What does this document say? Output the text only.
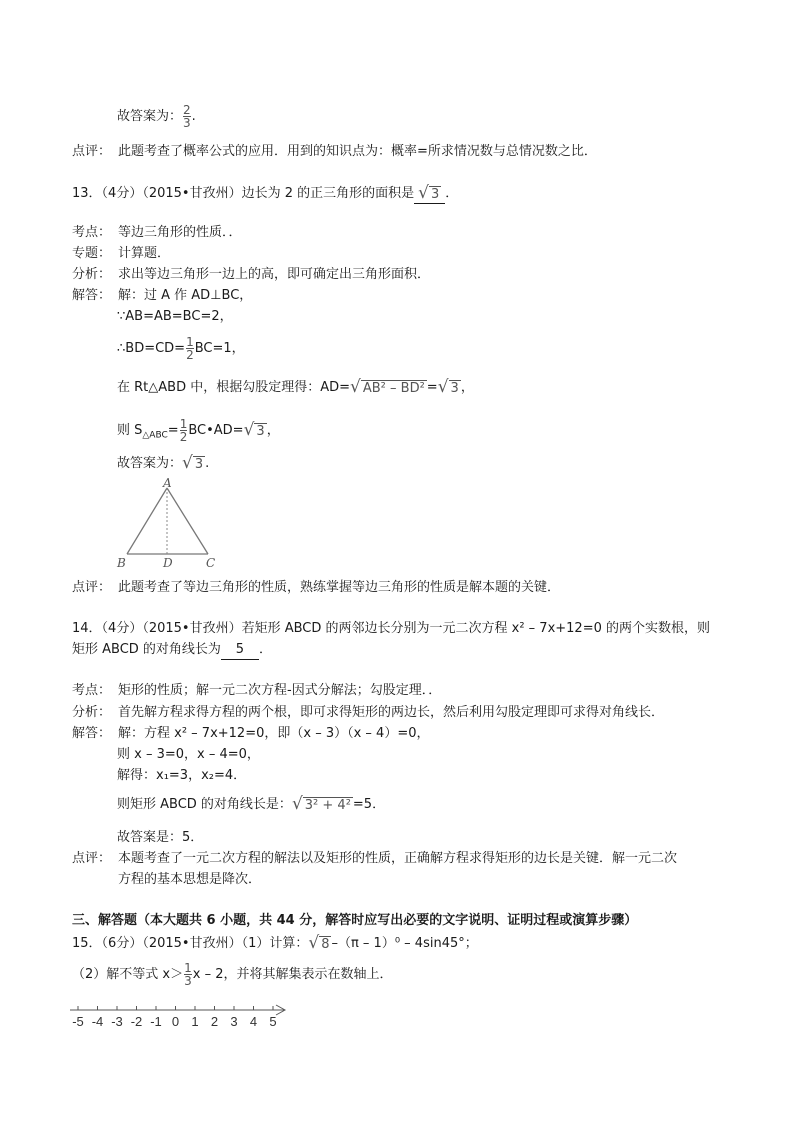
故答案为： $\frac{2}{3}$ .
点评： 此题考查了概率公式的应用．用到的知识点为：概率=所求情况数与总情况数之比．
13．（4分）（2015•甘孜州）边长为 2 的正三角形的面积是 √ 3 ．
考点： 等边三角形的性质．．
专题： 计算题．
分析： 求出等边三角形一边上的高，即可确定出三角形面积．
解答： 解：过 A 作 AD⊥BC，
∵AB=AB=BC=2，
∴BD=CD= $\frac{1}{2} BC=1$，
在 Rt△ABD 中，根据勾股定理得：AD= √ AB² – BD² = √ 3 ，
则 $S_{\triangle ABC}= \frac{1}{2}$ BC•AD= √ 3 ，
故答案为： √ 3 .
A
B	D	C
点评： 此题考查了等边三角形的性质，熟练掌握等边三角形的性质是解本题的关键．
14．（4分）（2015•甘孜州）若矩形 ABCD 的两邻边长分别为一元二次方程 x² – 7x+12=0 的两个实数根，则
矩形 ABCD 的对角线长为 5 ．
考点： 矩形的性质；解一元二次方程-因式分解法；勾股定理．．
分析： 首先解方程求得方程的两个根，即可求得矩形的两边长，然后利用勾股定理即可求得对角线长．
解答： 解：方程 x² – 7x+12=0，即（x – 3）（x – 4）=0，
则 x – 3=0，x – 4=0，
解得：x₁=3，x₂=4．
则矩形 ABCD 的对角线长是： √ 3² + 4² =5．
故答案是：5．
点评： 本题考查了一元二次方程的解法以及矩形的性质，正确解方程求得矩形的边长是关键．解一元二次
方程的基本思想是降次．
三、解答题（本大题共 6 小题，共 44 分，解答时应写出必要的文字说明、证明过程或演算步骤）
15．（6分）（2015•甘孜州）（1）计算： √ 8 –（π – 1）⁰ – 4sin45°；
（2）解不等式 $x> \frac{1}{3}$ x – 2，并将其解集表示在数轴上．
-5 -4 -3 -2 -1 0 1 2 3 4 5
